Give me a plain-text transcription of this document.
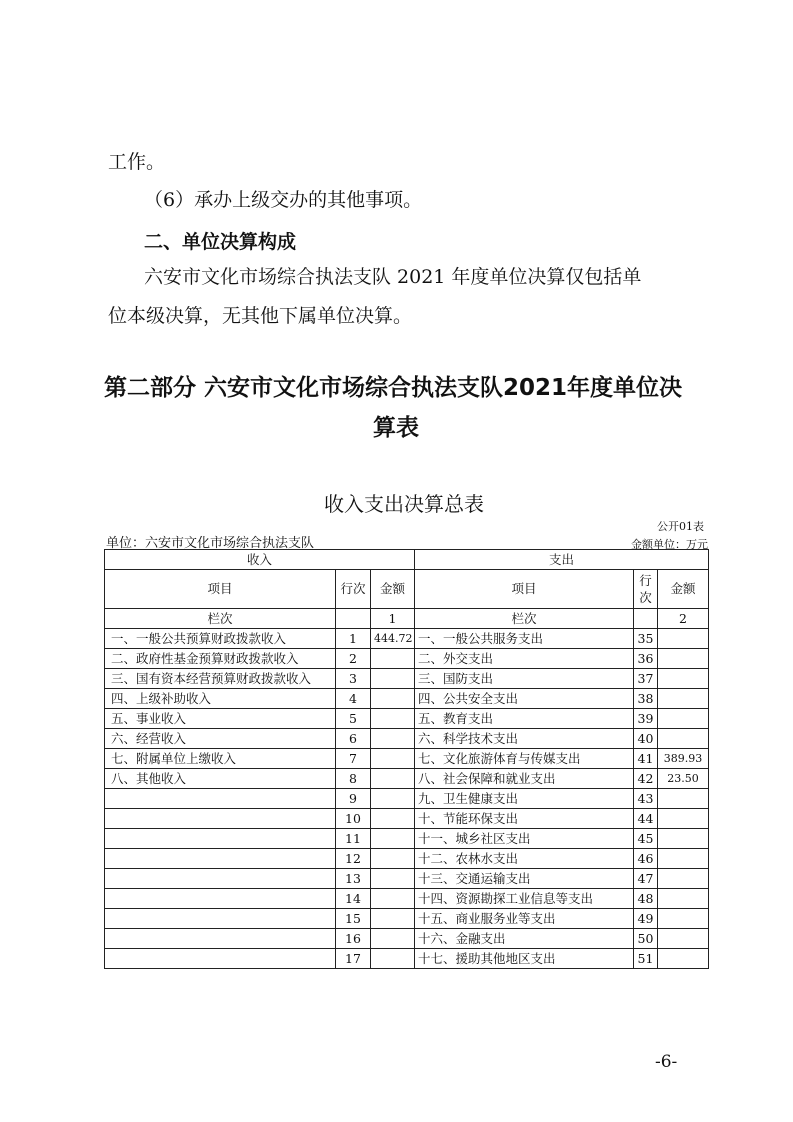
工作。
（6）承办上级交办的其他事项。
二、单位决算构成
六安市文化市场综合执法支队 2021 年度单位决算仅包括单
位本级决算，无其他下属单位决算。
第二部分 六安市文化市场综合执法支队2021年度单位决
算表
收入支出决算总表
公开01表
单位：六安市文化市场综合执法支队	金额单位：万元
收入			支出		
项目	行次	金额	项目	行次	金额
栏次		1	栏次		2
一、一般公共预算财政拨款收入	1	444.72	一、一般公共服务支出	35	
二、政府性基金预算财政拨款收入	2		二、外交支出	36	
三、国有资本经营预算财政拨款收入	3		三、国防支出	37	
四、上级补助收入	4		四、公共安全支出	38	
五、事业收入	5		五、教育支出	39	
六、经营收入	6		六、科学技术支出	40	
七、附属单位上缴收入	7		七、文化旅游体育与传媒支出	41	389.93
八、其他收入	8		八、社会保障和就业支出	42	23.50
	9		九、卫生健康支出	43	
	10		十、节能环保支出	44	
	11		十一、城乡社区支出	45	
	12		十二、农林水支出	46	
	13		十三、交通运输支出	47	
	14		十四、资源勘探工业信息等支出	48	
	15		十五、商业服务业等支出	49	
	16		十六、金融支出	50	
	17		十七、援助其他地区支出	51	
-6-
